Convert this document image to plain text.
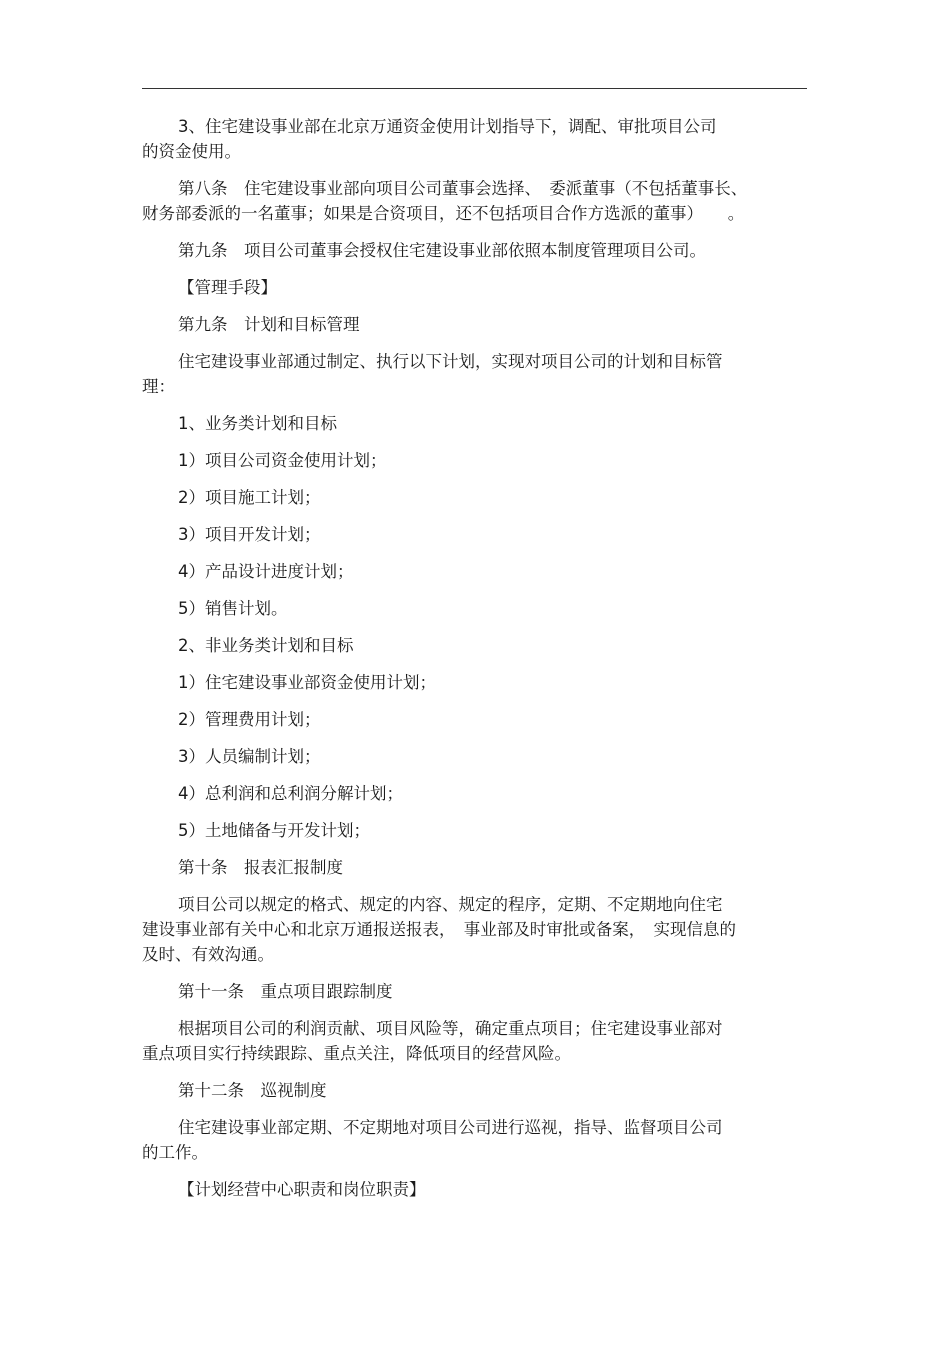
3、住宅建设事业部在北京万通资金使用计划指导下，调配、审批项目公司

的资金使用。

第八条　住宅建设事业部向项目公司董事会选择、　委派董事（不包括董事长、

财务部委派的一名董事；如果是合资项目，还不包括项目合作方选派的董事）　　。

第九条　项目公司董事会授权住宅建设事业部依照本制度管理项目公司。

【管理手段】

第九条　计划和目标管理

住宅建设事业部通过制定、执行以下计划，实现对项目公司的计划和目标管

理：

1、业务类计划和目标

1）项目公司资金使用计划；

2）项目施工计划；

3）项目开发计划；

4）产品设计进度计划；

5）销售计划。

2、非业务类计划和目标

1）住宅建设事业部资金使用计划；

2）管理费用计划；

3）人员编制计划；

4）总利润和总利润分解计划；

5）土地储备与开发计划；

第十条　报表汇报制度

项目公司以规定的格式、规定的内容、规定的程序，定期、不定期地向住宅

建设事业部有关中心和北京万通报送报表，　事业部及时审批或备案，　实现信息的

及时、有效沟通。

第十一条　重点项目跟踪制度

根据项目公司的利润贡献、项目风险等，确定重点项目；住宅建设事业部对

重点项目实行持续跟踪、重点关注，降低项目的经营风险。

第十二条　巡视制度

住宅建设事业部定期、不定期地对项目公司进行巡视，指导、监督项目公司

的工作。

【计划经营中心职责和岗位职责】
